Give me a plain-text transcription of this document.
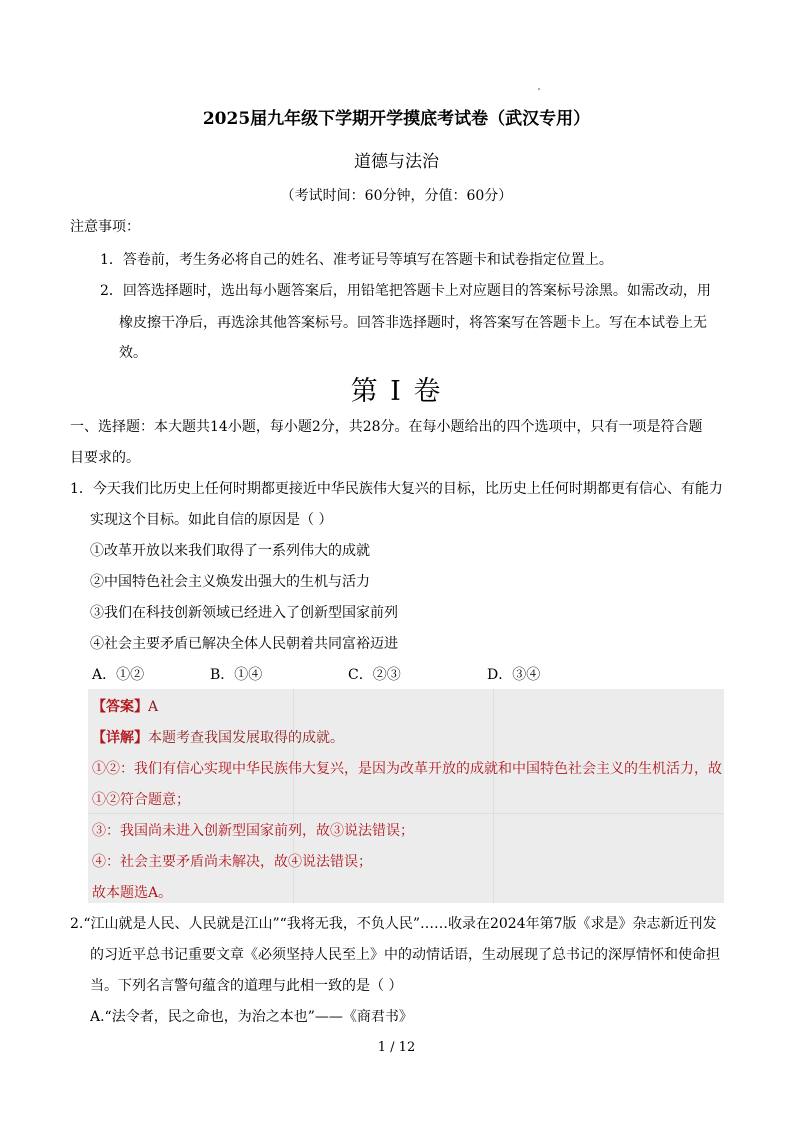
2025届九年级下学期开学摸底考试卷（武汉专用）
道德与法治
（考试时间：60分钟，分值：60分）
注意事项：
1．答卷前，考生务必将自己的姓名、准考证号等填写在答题卡和试卷指定位置上。
2．回答选择题时，选出每小题答案后，用铅笔把答题卡上对应题目的答案标号涂黑。如需改动，用
橡皮擦干净后，再选涂其他答案标号。回答非选择题时，将答案写在答题卡上。写在本试卷上无
效。
第 I 卷
一、选择题：本大题共14小题，每小题2分，共28分。在每小题给出的四个选项中，只有一项是符合题
目要求的。
1．今天我们比历史上任何时期都更接近中华民族伟大复兴的目标，比历史上任何时期都更有信心、有能力
实现这个目标。如此自信的原因是（ ）
①改革开放以来我们取得了一系列伟大的成就
②中国特色社会主义焕发出强大的生机与活力
③我们在科技创新领域已经进入了创新型国家前列
④社会主要矛盾已解决全体人民朝着共同富裕迈进
A．①②	B．①④	C．②③	D．③④
【答案】A
【详解】本题考查我国发展取得的成就。
①②：我们有信心实现中华民族伟大复兴，是因为改革开放的成就和中国特色社会主义的生机活力，故
①②符合题意；
③：我国尚未进入创新型国家前列，故③说法错误；
④：社会主要矛盾尚未解决，故④说法错误；
故本题选A。
2.“江山就是人民、人民就是江山”“我将无我，不负人民”……收录在2024年第7版《求是》杂志新近刊发
的习近平总书记重要文章《必须坚持人民至上》中的动情话语，生动展现了总书记的深厚情怀和使命担
当。下列名言警句蕴含的道理与此相一致的是（ ）
A.“法令者，民之命也，为治之本也”——《商君书》
1 / 12
